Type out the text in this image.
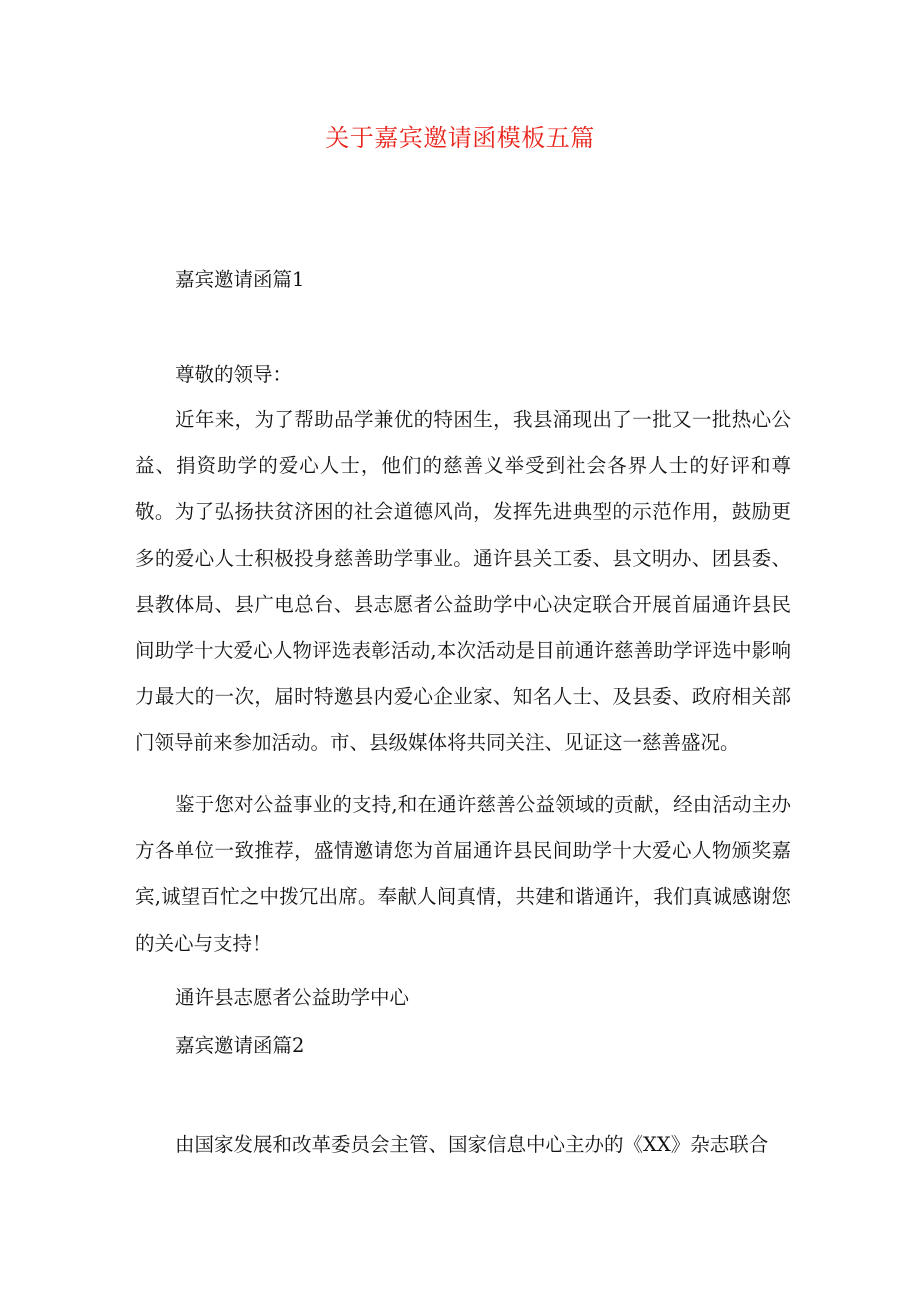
关于嘉宾邀请函模板五篇
嘉宾邀请函篇1
尊敬的领导：
近年来，为了帮助品学兼优的特困生，我县涌现出了一批又一批热心公益、捐资助学的爱心人士，他们的慈善义举受到社会各界人士的好评和尊敬。为了弘扬扶贫济困的社会道德风尚，发挥先进典型的示范作用，鼓励更多的爱心人士积极投身慈善助学事业。通许县关工委、县文明办、团县委、县教体局、县广电总台、县志愿者公益助学中心决定联合开展首届通许县民间助学十大爱心人物评选表彰活动,本次活动是目前通许慈善助学评选中影响力最大的一次，届时特邀县内爱心企业家、知名人士、及县委、政府相关部门领导前来参加活动。市、县级媒体将共同关注、见证这一慈善盛况。
鉴于您对公益事业的支持,和在通许慈善公益领域的贡献，经由活动主办方各单位一致推荐，盛情邀请您为首届通许县民间助学十大爱心人物颁奖嘉宾,诚望百忙之中拨冗出席。奉献人间真情，共建和谐通许，我们真诚感谢您的关心与支持！
通许县志愿者公益助学中心
嘉宾邀请函篇2
由国家发展和改革委员会主管、国家信息中心主办的《XX》杂志联合
